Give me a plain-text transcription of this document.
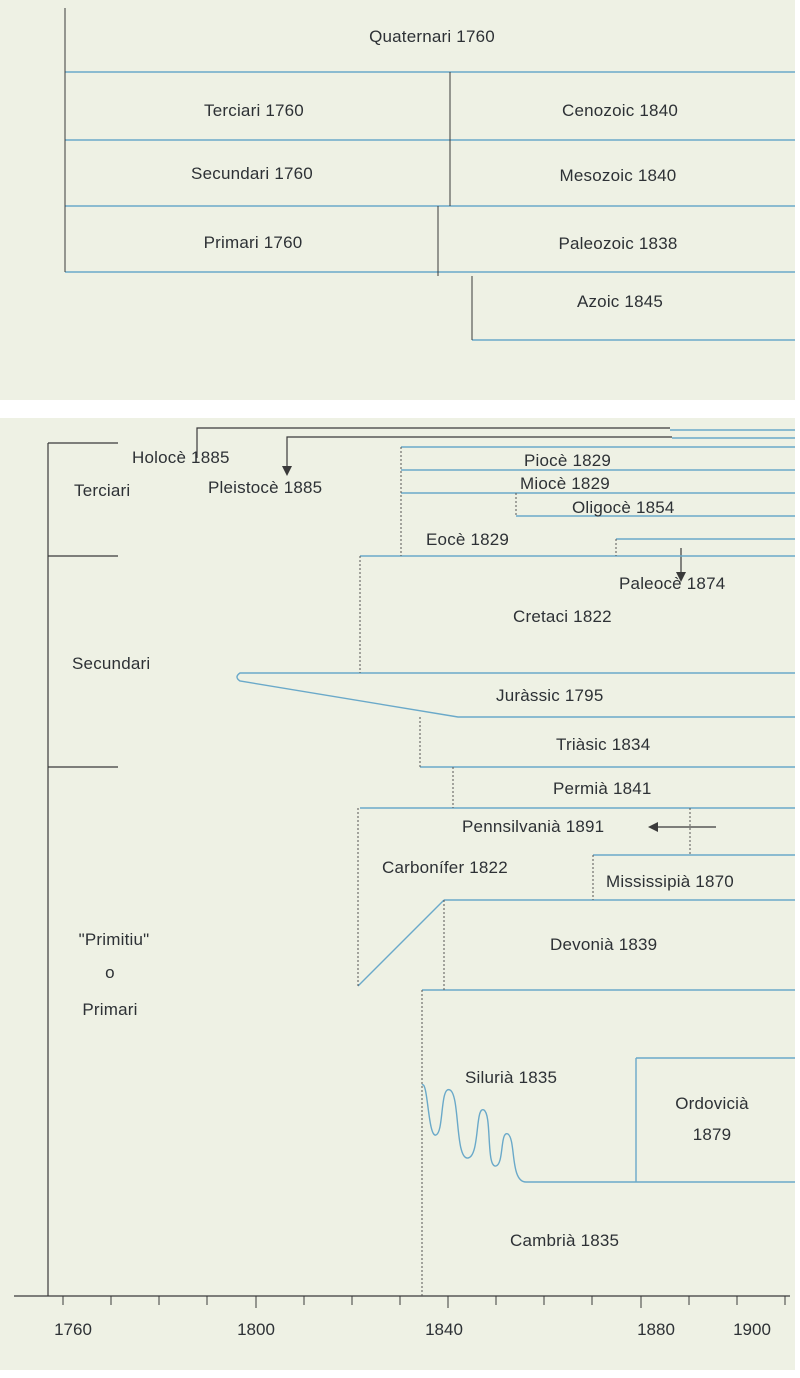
Quaternari 1760
Terciari 1760	Cenozoic 1840
Secundari 1760	Mesozoic 1840
Primari 1760	Paleozoic 1838
Azoic 1845
Terciari
Secundari
"Primitiu"
o
Primari
Holocè 1885
Pleistocè 1885
Piocè 1829
Miocè 1829
Oligocè 1854
Eocè 1829
Paleocè 1874
Cretaci 1822
Juràssic 1795
Triàsic 1834
Permià 1841
Pennsilvanià 1891
Carbonífer 1822
Mississipià 1870
Devonià 1839
Silurià 1835
Ordovicià
1879
Cambrià 1835
1760	1800	1840	1880	1900
